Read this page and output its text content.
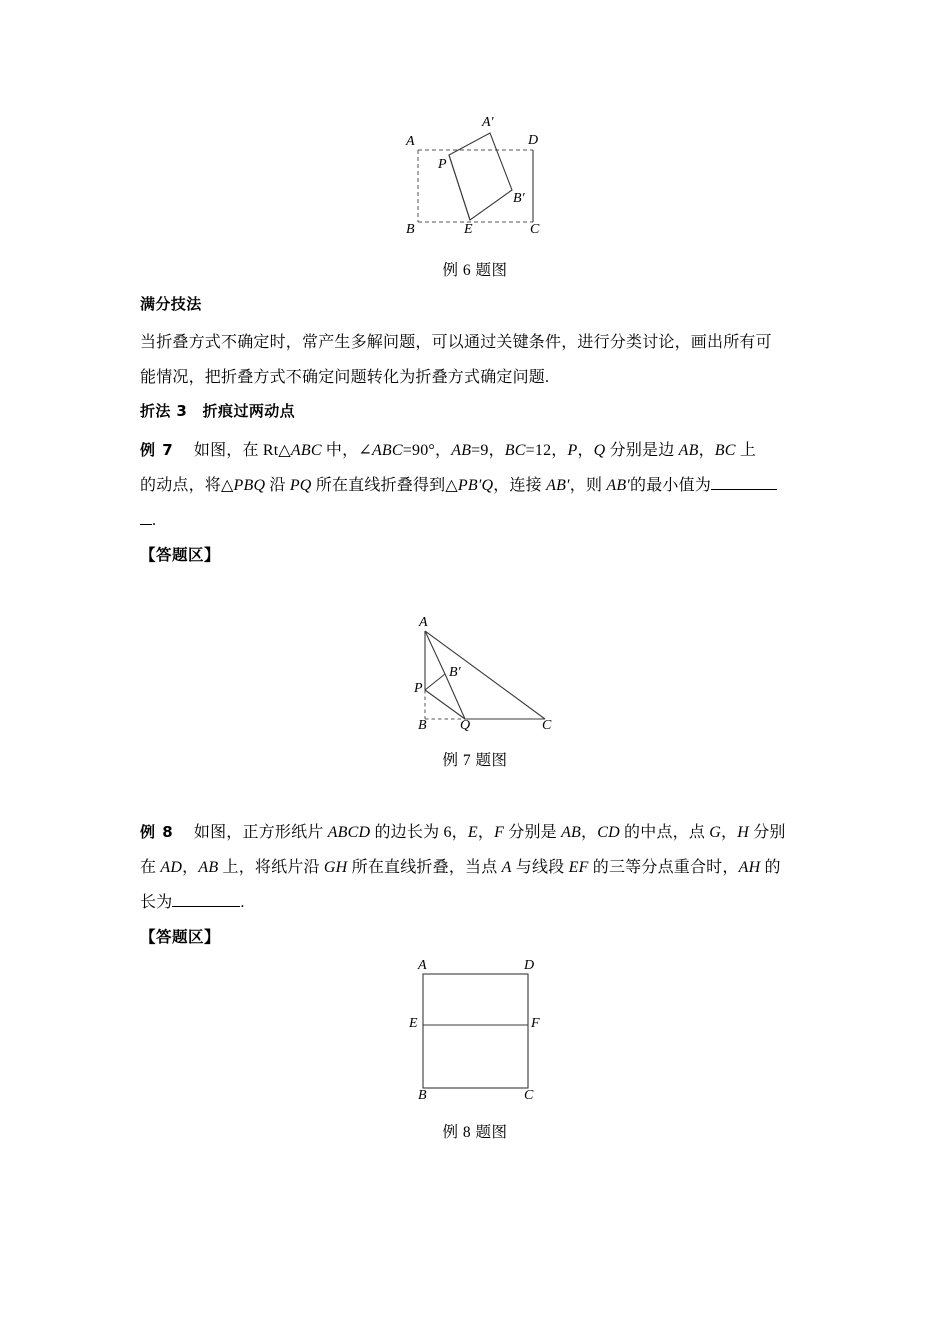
A
B	C
D
E
P
A′
B′
例 6 题图
满分技法
当折叠方式不确定时，常产生多解问题，可以通过关键条件，进行分类讨论，画出所有可
能情况，把折叠方式不确定问题转化为折叠方式确定问题.
折法 3　折痕过两动点
例 7 如图，在 Rt△ABC 中，∠ABC=90°，AB=9，BC=12，P，Q 分别是边 AB，BC 上
的动点，将△PBQ 沿 PQ 所在直线折叠得到△PB′Q，连接 AB′，则 AB′的最小值为
.
【答题区】
A
B	C
P
Q
B′
例 7 题图
例 8 如图，正方形纸片 ABCD 的边长为 6，E，F 分别是 AB，CD 的中点，点 G，H 分别
在 AD，AB 上，将纸片沿 GH 所在直线折叠，当点 A 与线段 EF 的三等分点重合时，AH 的
长为	.
【答题区】
A	D
B	C
E	F
例 8 题图
